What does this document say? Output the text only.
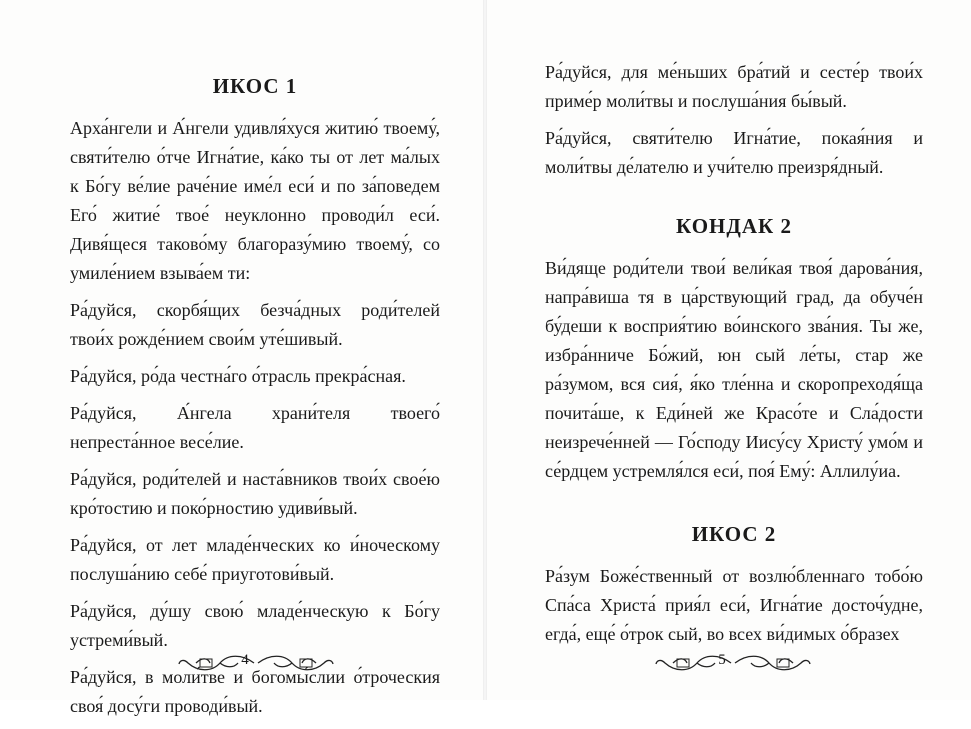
ИКОС 1

Арха́нгели и А́нгели удивля́хуся житию́ твоему́, святи́телю о́тче Игна́тие, ка́ко ты от лет ма́лых к Бо́гу ве́лие раче́ние име́л еси́ и по за́поведем Его́ житие́ твое́ неуклонно проводи́л еси́. Дивя́щеся таково́му благоразу́мию твоему́, со умиле́нием взыва́ем ти:

Ра́дуйся, скорбя́щих безча́дных роди́телей твои́х рожде́нием свои́м уте́шивый.

Ра́дуйся, ро́да честна́го о́трасль прекра́сная.

Ра́дуйся, А́нгела храни́теля твоего́ непреста́нное весе́лие.

Ра́дуйся, роди́телей и наста́вников твои́х свое́ю кро́тостию и поко́рностию удиви́вый.

Ра́дуйся, от лет младе́нческих ко и́ноческому послуша́нию себе́ приуготови́вый.

Ра́дуйся, ду́шу свою́ младе́нческую к Бо́гу устреми́вый.

Ра́дуйся, в моли́тве и богомы́слии о́троческия своя́ досу́ги проводи́вый.

4

Ра́дуйся, для ме́ньших бра́тий и сесте́р твои́х приме́р моли́твы и послуша́ния бы́вый.

Ра́дуйся, святи́телю Игна́тие, покая́ния и моли́твы де́лателю и учи́телю преизря́дный.

КОНДАК 2

Ви́дяще роди́тели твои́ вели́кая твоя́ дарова́ния, напра́виша тя в ца́рствующий град, да обуче́н бу́деши к восприя́тию во́инского зва́ния. Ты же, избра́нниче Бо́жий, юн сый ле́ты, стар же ра́зумом, вся сия́, я́ко тле́нна и скоропреходя́ща почита́ше, к Еди́ней же Красо́те и Сла́дости неизрече́нней — Го́споду Иису́су Христу́ умо́м и се́рдцем устремля́лся еси́, поя́ Ему́: Аллилу́иа.

ИКОС 2

Ра́зум Боже́ственный от возлю́бленнаго тобо́ю Спа́са Христа́ прия́л еси́, Игна́тие досточ́удне, егда́, еще́ о́трок сый, во всех ви́димых о́бразех

5
